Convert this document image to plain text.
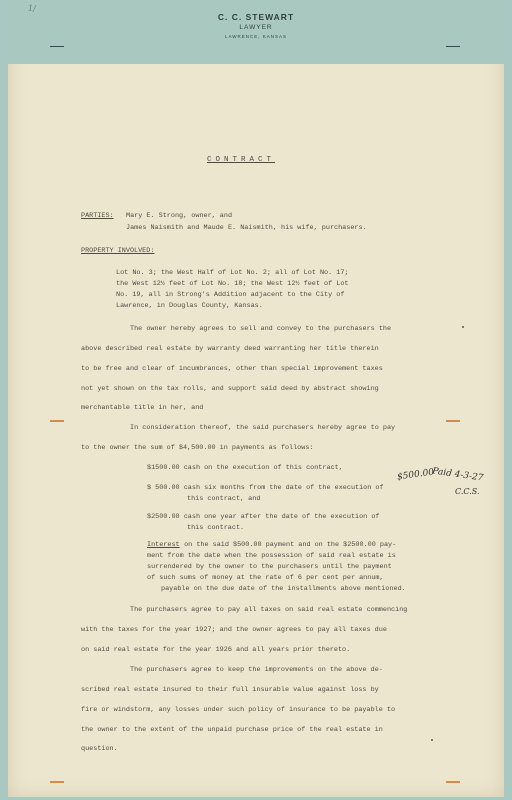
1/
C. C. STEWART
LAWYER
LAWRENCE, KANSAS
CONTRACT
PARTIES: Mary E. Strong, owner, and
James Naismith and Maude E. Naismith, his wife, purchasers.
PROPERTY INVOLVED:
Lot No. 3; the West Half of Lot No. 2; all of Lot No. 17;
the West 12½ feet of Lot No. 18; the West 12½ feet of Lot
No. 19, all in Strong's Addition adjacent to the City of
Lawrence, in Douglas County, Kansas.
The owner hereby agrees to sell and convey to the purchasers the
above described real estate by warranty deed warranting her title therein
to be free and clear of incumbrances, other than special improvement taxes
not yet shown on the tax rolls, and support said deed by abstract showing
merchantable title in her, and
In consideration thereof, the said purchasers hereby agree to pay
to the owner the sum of $4,500.00 in payments as follows:
$1500.00 cash on the execution of this contract,
$ 500.00 cash six months from the date of the execution of
this contract, and
$2500.00 cash one year after the date of the execution of
this contract.
Interest on the said $500.00 payment and on the $2500.00 pay-
ment from the date when the possession of said real estate is
surrendered by the owner to the purchasers until the payment
of such sums of money at the rate of 6 per cent per annum,
payable on the due date of the installments above mentioned.
The purchasers agree to pay all taxes on said real estate commencing
with the taxes for the year 1927; and the owner agrees to pay all taxes due
on said real estate for the year 1926 and all years prior thereto.
The purchasers agree to keep the improvements on the above de-
scribed real estate insured to their full insurable value against loss by
fire or windstorm, any losses under such policy of insurance to be payable to
the owner to the extent of the unpaid purchase price of the real estate in
question.
$500.00
Paid 4-3-27
C.C.S.
